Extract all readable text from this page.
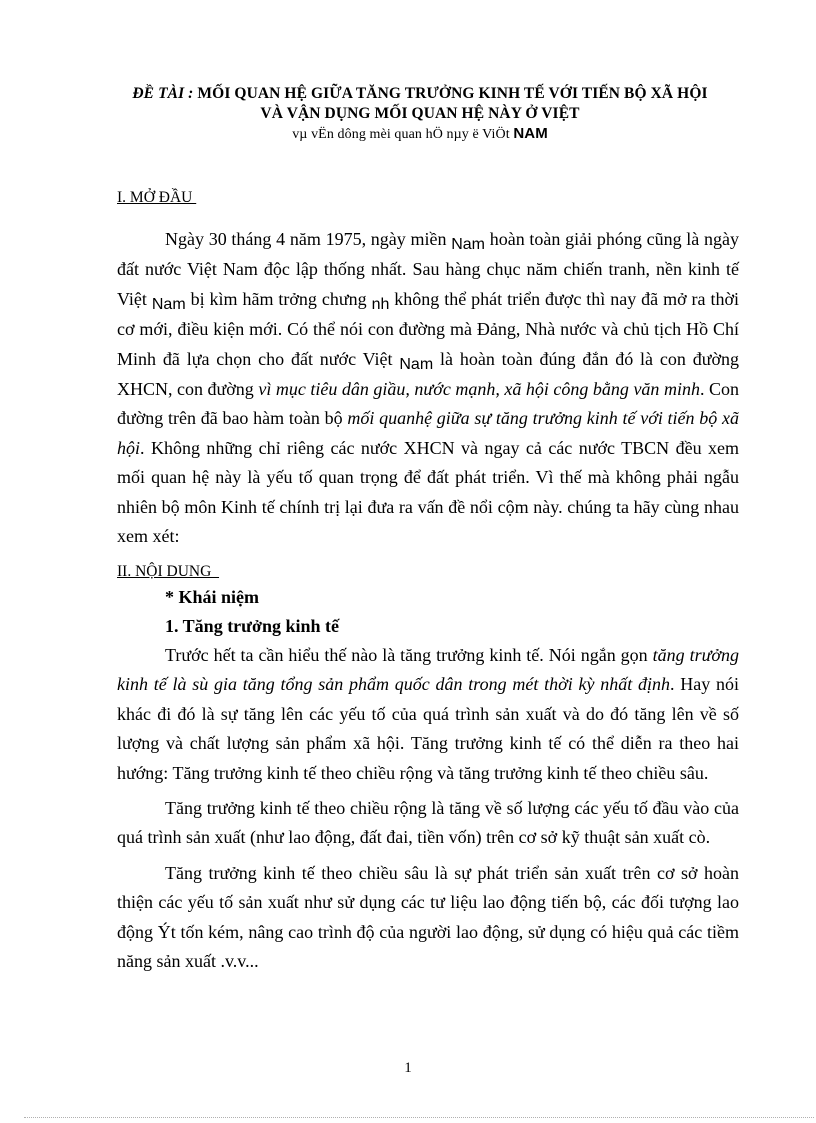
ĐỀ TÀI : MỐI QUAN HỆ GIỮA TĂNG TRƯỞNG KINH TẾ VỚI TIẾN BỘ XÃ HỘI
VÀ VẬN DỤNG MỐI QUAN HỆ NÀY Ở VIỆT
vµ vËn dông mèi quan hÖ nµy ë ViÖt NAM
I. MỞ ĐẦU

Ngày 30 tháng 4 năm 1975, ngày miền Nam hoàn toàn giải phóng cũng là ngày đất nước Việt Nam độc lập thống nhất. Sau hàng chục năm chiến tranh, nền kinh tế Việt Nam bị kìm hãm trởng chưng nh không thể phát triển được thì nay đã mở ra thời cơ mới, điều kiện mới. Có thể nói con đường mà Đảng, Nhà nước và chủ tịch Hồ Chí Minh đã lựa chọn cho đất nước Việt Nam là hoàn toàn đúng đắn đó là con đường XHCN, con đường vì mục tiêu dân giầu, nước mạnh, xã hội công bằng văn minh. Con đường trên đã bao hàm toàn bộ mối quanhệ giữa sự tăng trưởng kinh tế với tiến bộ xã hội. Không những chỉ riêng các nước XHCN và ngay cả các nước TBCN đều xem mối quan hệ này là yếu tố quan trọng để đất phát triển. Vì thế mà không phải ngẫu nhiên bộ môn Kinh tế chính trị lại đưa ra vấn đề nổi cộm này. chúng ta hãy cùng nhau xem xét:

II. NỘI DUNG
* Khái niệm
1. Tăng trưởng kinh tế

Trước hết ta cần hiểu thế nào là tăng trưởng kinh tế. Nói ngắn gọn tăng trưởng kinh tế là sù gia tăng tổng sản phẩm quốc dân trong mét thời kỳ nhất định. Hay nói khác đi đó là sự tăng lên các yếu tố của quá trình sản xuất và do đó tăng lên về số lượng và chất lượng sản phẩm xã hội. Tăng trưởng kinh tế có thể diễn ra theo hai hướng: Tăng trưởng kinh tế theo chiều rộng và tăng trưởng kinh tế theo chiều sâu.

Tăng trưởng kinh tế theo chiều rộng là tăng về số lượng các yếu tố đầu vào của quá trình sản xuất (như lao động, đất đai, tiền vốn) trên cơ sở kỹ thuật sản xuất cò.

Tăng trưởng kinh tế theo chiều sâu là sự phát triển sản xuất trên cơ sở hoàn thiện các yếu tố sản xuất như sử dụng các tư liệu lao động tiến bộ, các đối tượng lao động Ýt tốn kém, nâng cao trình độ của người lao động, sử dụng có hiệu quả các tiềm năng sản xuất .v.v...

1
